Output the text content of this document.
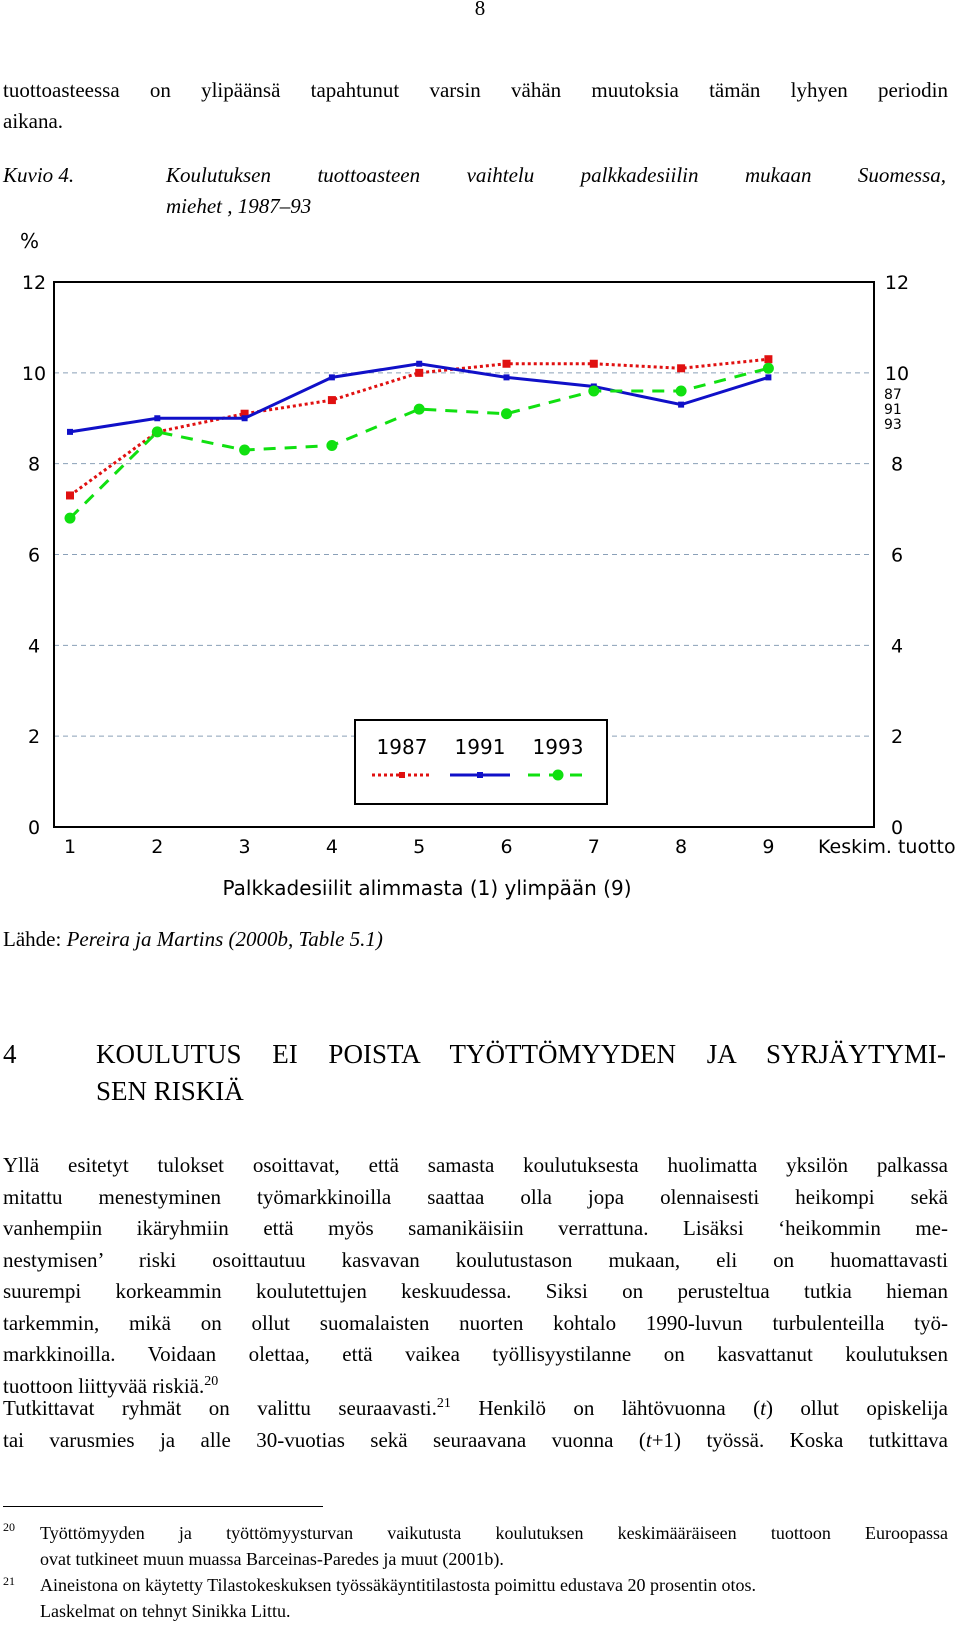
8
tuottoasteessa on ylipäänsä tapahtunut varsin vähän muutoksia tämän lyhyen periodin
aikana.
Kuvio 4.	Koulutuksen tuottoasteen vaihtelu palkkadesiilin mukaan Suomessa,
miehet , 1987–93
%
0
2
4
6
8
10
12
0
2
4
6
8
10
12
1	2	3	4	5	6	7	8	9 Keskim. tuotto
87
91
93
1987 1991 1993
Palkkadesiilit alimmasta (1) ylimpään (9)
Lähde: Pereira ja Martins (2000b, Table 5.1)
4	KOULUTUS EI POISTA TYÖTTÖMYYDEN JA SYRJÄYTYMI-
SEN RISKIÄ
Yllä esitetyt tulokset osoittavat, että samasta koulutuksesta huolimatta yksilön palkassa
mitattu menestyminen työmarkkinoilla saattaa olla jopa olennaisesti heikompi sekä
vanhempiin ikäryhmiin että myös samanikäisiin verrattuna. Lisäksi ‘heikommin me-
nestymisen’ riski osoittautuu kasvavan koulutustason mukaan, eli on huomattavasti
suurempi korkeammin koulutettujen keskuudessa. Siksi on perusteltua tutkia hieman
tarkemmin, mikä on ollut suomalaisten nuorten kohtalo 1990-luvun turbulenteilla työ-
markkinoilla. Voidaan olettaa, että vaikea työllisyystilanne on kasvattanut koulutuksen
tuottoon liittyvää riskiä.$^{20}$
Tutkittavat ryhmät on valittu seuraavasti.$^{21}$ Henkilö on lähtövuonna (t) ollut opiskelija
tai varusmies ja alle 30-vuotias sekä seuraavana vuonna (t+1) työssä. Koska tutkittava
20 Työttömyyden ja työttömyysturvan vaikutusta koulutuksen keskimääräiseen tuottoon Euroopassa
ovat tutkineet muun muassa Barceinas-Paredes ja muut (2001b).
21 Aineistona on käytetty Tilastokeskuksen työssäkäyntitilastosta poimittu edustava 20 prosentin otos.
Laskelmat on tehnyt Sinikka Littu.
